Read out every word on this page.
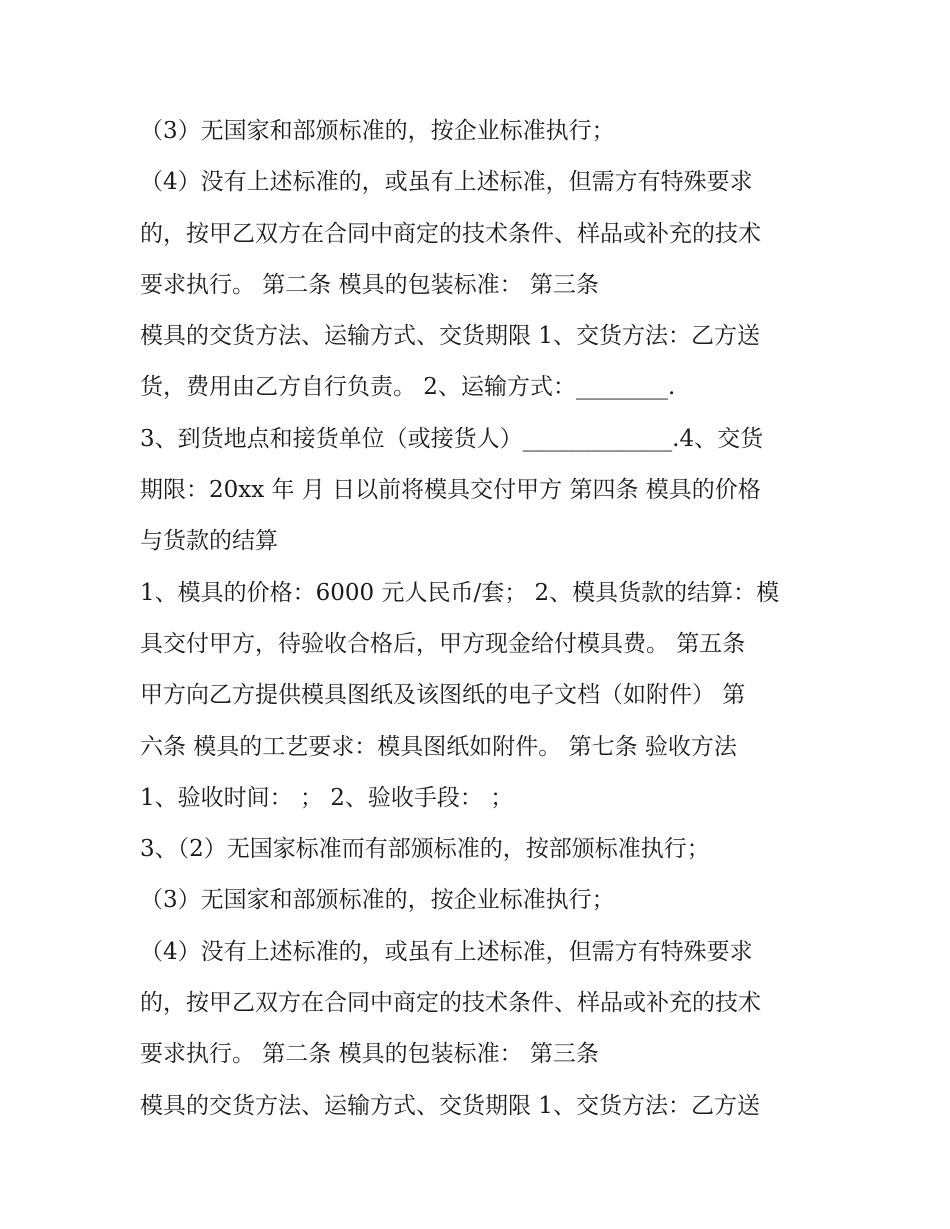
（3）无国家和部颁标准的，按企业标准执行；
（4）没有上述标准的，或虽有上述标准，但需方有特殊要求
的，按甲乙双方在合同中商定的技术条件、样品或补充的技术
要求执行。 第二条 模具的包装标准： 第三条
模具的交货方法、运输方式、交货期限 1、交货方法：乙方送
货，费用由乙方自行负责。 2、运输方式：________.
3、到货地点和接货单位（或接货人）_____________.4、交货
期限：20xx 年 月 日以前将模具交付甲方 第四条 模具的价格
与货款的结算
1、模具的价格：6000 元人民币/套； 2、模具货款的结算：模
具交付甲方，待验收合格后，甲方现金给付模具费。 第五条
甲方向乙方提供模具图纸及该图纸的电子文档（如附件） 第
六条 模具的工艺要求：模具图纸如附件。 第七条 验收方法
1、验收时间： ； 2、验收手段： ；
3、（2）无国家标准而有部颁标准的，按部颁标准执行；
（3）无国家和部颁标准的，按企业标准执行；
（4）没有上述标准的，或虽有上述标准，但需方有特殊要求
的，按甲乙双方在合同中商定的技术条件、样品或补充的技术
要求执行。 第二条 模具的包装标准： 第三条
模具的交货方法、运输方式、交货期限 1、交货方法：乙方送
